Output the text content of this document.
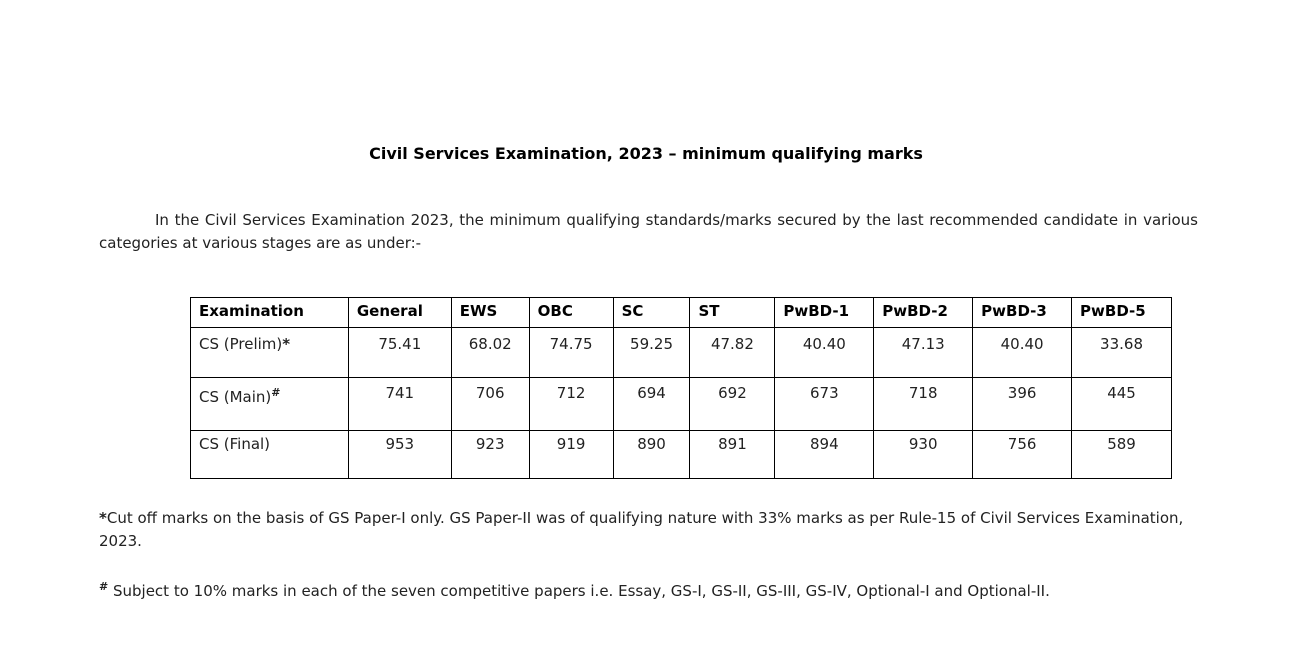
Civil Services Examination, 2023 – minimum qualifying marks
In the Civil Services Examination 2023, the minimum qualifying standards/marks secured by the last recommended candidate in various categories at various stages are as under:-
Examination	General	EWS	OBC	SC	ST	PwBD-1	PwBD-2	PwBD-3	PwBD-5
CS (Prelim)*	75.41	68.02	74.75	59.25	47.82	40.40	47.13	40.40	33.68
CS (Main)#	741	706	712	694	692	673	718	396	445
CS (Final)	953	923	919	890	891	894	930	756	589
*Cut off marks on the basis of GS Paper-I only. GS Paper-II was of qualifying nature with 33% marks as per Rule-15 of Civil Services Examination, 2023.
# Subject to 10% marks in each of the seven competitive papers i.e. Essay, GS-I, GS-II, GS-III, GS-IV, Optional-I and Optional-II.
